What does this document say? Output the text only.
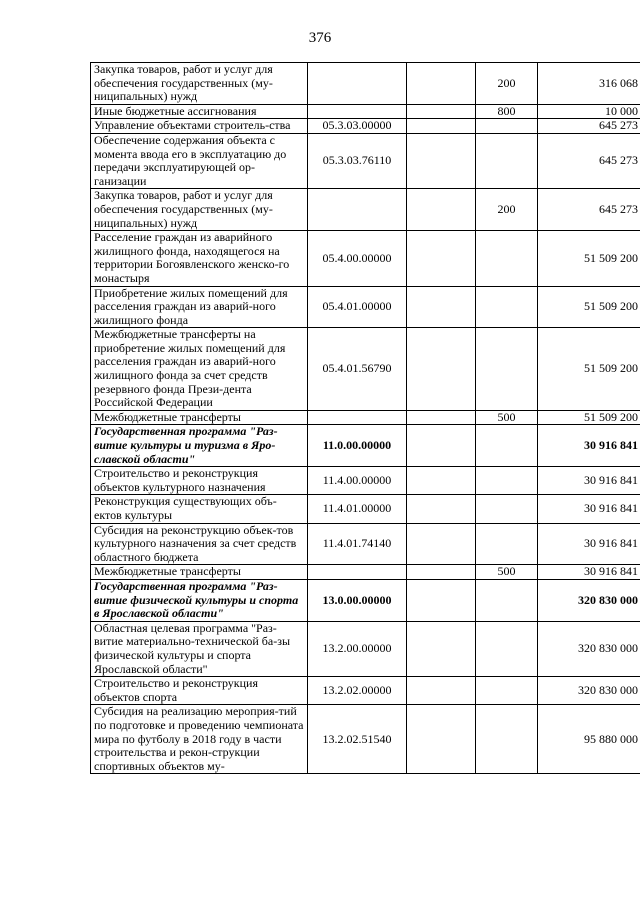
376
Закупка товаров, работ и услуг для обеспечения государственных (му-ниципальных) нужд			200	316 068
Иные бюджетные ассигнования			800	10 000
Управление объектами строитель-ства	05.3.03.00000			645 273
Обеспечение содержания объекта с момента ввода его в эксплуатацию до передачи эксплуатирующей ор-ганизации	05.3.03.76110			645 273
Закупка товаров, работ и услуг для обеспечения государственных (му-ниципальных) нужд			200	645 273
Расселение граждан из аварийного жилищного фонда, находящегося на территории Богоявленского женско-го монастыря	05.4.00.00000			51 509 200
Приобретение жилых помещений для расселения граждан из аварий-ного жилищного фонда	05.4.01.00000			51 509 200
Межбюджетные трансферты на приобретение жилых помещений для расселения граждан из аварий-ного жилищного фонда за счет средств резервного фонда Прези-дента Российской Федерации	05.4.01.56790			51 509 200
Межбюджетные трансферты			500	51 509 200
Государственная программа "Раз-витие культуры и туризма в Яро-славской области"	11.0.00.00000			30 916 841
Строительство и реконструкция объектов культурного назначения	11.4.00.00000			30 916 841
Реконструкция существующих объ-ектов культуры	11.4.01.00000			30 916 841
Субсидия на реконструкцию объек-тов культурного назначения за счет средств областного бюджета	11.4.01.74140			30 916 841
Межбюджетные трансферты			500	30 916 841
Государственная программа "Раз-витие физической культуры и спорта в Ярославской области"	13.0.00.00000			320 830 000
Областная целевая программа "Раз-витие материально-технической ба-зы физической культуры и спорта Ярославской области"	13.2.00.00000			320 830 000
Строительство и реконструкция объектов спорта	13.2.02.00000			320 830 000
Субсидия на реализацию мероприя-тий по подготовке и проведению чемпионата мира по футболу в 2018 году в части строительства и рекон-струкции спортивных объектов му-	13.2.02.51540			95 880 000
